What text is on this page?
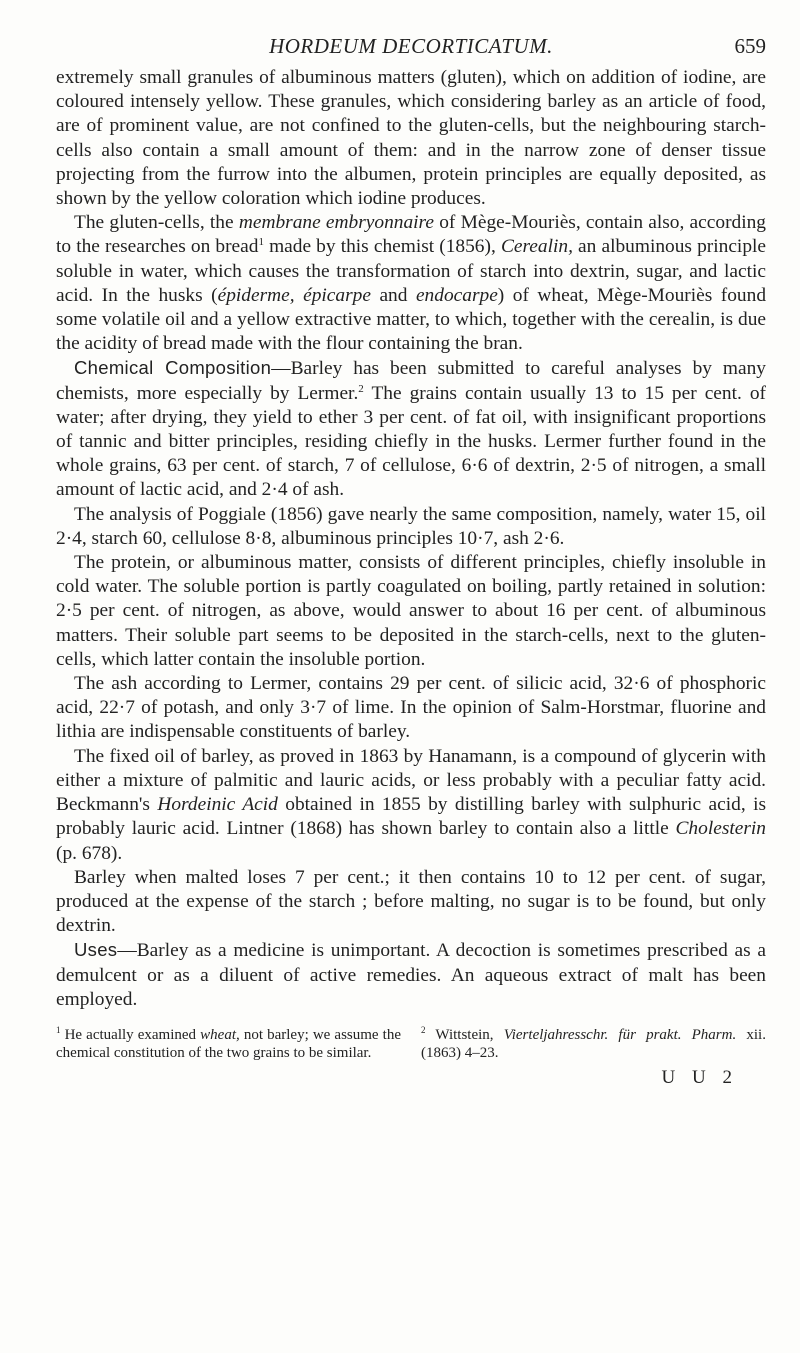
HORDEUM DECORTICATUM.	659

extremely small granules of albuminous matters (gluten), which on addition of iodine, are coloured intensely yellow. These granules, which considering barley as an article of food, are of prominent value, are not confined to the gluten-cells, but the neighbouring starch-cells also contain a small amount of them: and in the narrow zone of denser tissue projecting from the furrow into the albumen, protein principles are equally deposited, as shown by the yellow coloration which iodine produces.

The gluten-cells, the membrane embryonnaire of Mège-Mouriès, contain also, according to the researches on bread$^1$ made by this chemist (1856), Cerealin, an albuminous principle soluble in water, which causes the transformation of starch into dextrin, sugar, and lactic acid. In the husks (épiderme, épicarpe and endocarpe) of wheat, Mège-Mouriès found some volatile oil and a yellow extractive matter, to which, together with the cerealin, is due the acidity of bread made with the flour containing the bran.

Chemical Composition—Barley has been submitted to careful analyses by many chemists, more especially by Lermer.$^2$ The grains contain usually 13 to 15 per cent. of water; after drying, they yield to ether 3 per cent. of fat oil, with insignificant proportions of tannic and bitter principles, residing chiefly in the husks. Lermer further found in the whole grains, 63 per cent. of starch, 7 of cellulose, 6·6 of dextrin, 2·5 of nitrogen, a small amount of lactic acid, and 2·4 of ash.

The analysis of Poggiale (1856) gave nearly the same composition, namely, water 15, oil 2·4, starch 60, cellulose 8·8, albuminous principles 10·7, ash 2·6.

The protein, or albuminous matter, consists of different principles, chiefly insoluble in cold water. The soluble portion is partly coagulated on boiling, partly retained in solution: 2·5 per cent. of nitrogen, as above, would answer to about 16 per cent. of albuminous matters. Their soluble part seems to be deposited in the starch-cells, next to the gluten-cells, which latter contain the insoluble portion.

The ash according to Lermer, contains 29 per cent. of silicic acid, 32·6 of phosphoric acid, 22·7 of potash, and only 3·7 of lime. In the opinion of Salm-Horstmar, fluorine and lithia are indispensable constituents of barley.

The fixed oil of barley, as proved in 1863 by Hanamann, is a compound of glycerin with either a mixture of palmitic and lauric acids, or less probably with a peculiar fatty acid. Beckmann's Hordeinic Acid obtained in 1855 by distilling barley with sulphuric acid, is probably lauric acid. Lintner (1868) has shown barley to contain also a little Cholesterin (p. 678).

Barley when malted loses 7 per cent.; it then contains 10 to 12 per cent. of sugar, produced at the expense of the starch ; before malting, no sugar is to be found, but only dextrin.

Uses—Barley as a medicine is unimportant. A decoction is sometimes prescribed as a demulcent or as a diluent of active remedies. An aqueous extract of malt has been employed.

$^1$ He actually examined wheat, not barley; we assume the chemical constitution of the two grains to be similar.
$^2$ Wittstein, Vierteljahresschr. für prakt. Pharm. xii. (1863) 4–23.
U U 2
